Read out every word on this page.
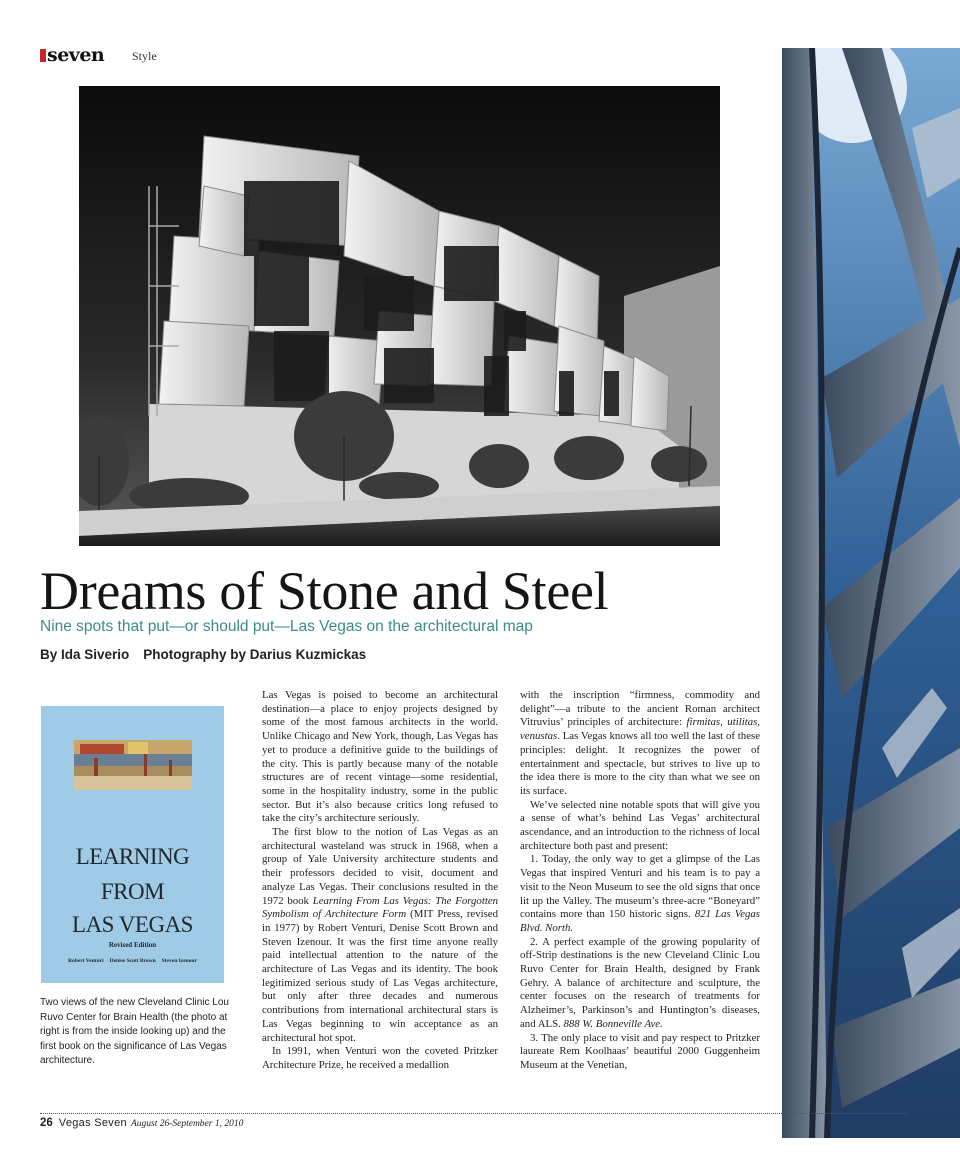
seven Style
Dreams of Stone and Steel

Nine spots that put—or should put—Las Vegas on the architectural map

By Ida Siverio Photography by Darius Kuzmickas
LEARNING
FROM
LAS VEGAS
Revised Edition
Robert Venturi Denise Scott Brown Steven Izenour

Two views of the new Cleveland Clinic Lou Ruvo Center for Brain Health (the photo at right is from the inside looking up) and the first book on the significance of Las Vegas architecture.

Las Vegas is poised to become an architectural destination—a place to enjoy projects designed by some of the most famous architects in the world. Unlike Chicago and New York, though, Las Vegas has yet to produce a definitive guide to the buildings of the city. This is partly because many of the notable structures are of recent vintage—some residential, some in the hospitality industry, some in the public sector. But it’s also because critics long refused to take the city’s architecture seriously.

The first blow to the notion of Las Vegas as an architectural wasteland was struck in 1968, when a group of Yale University architecture students and their professors decided to visit, document and analyze Las Vegas. Their conclusions resulted in the 1972 book Learning From Las Vegas: The Forgotten Symbolism of Architecture Form (MIT Press, revised in 1977) by Robert Venturi, Denise Scott Brown and Steven Izenour. It was the first time anyone really paid intellectual attention to the nature of the architecture of Las Vegas and its identity. The book legitimized serious study of Las Vegas architecture, but only after three decades and numerous contributions from international architectural stars is Las Vegas beginning to win acceptance as an architectural hot spot.

In 1991, when Venturi won the coveted Pritzker Architecture Prize, he received a medallion

with the inscription “firmness, commodity and delight”—a tribute to the ancient Roman architect Vitruvius’ principles of architecture: firmitas, utilitas, venustas. Las Vegas knows all too well the last of these principles: delight. It recognizes the power of entertainment and spectacle, but strives to live up to the idea there is more to the city than what we see on its surface.

We’ve selected nine notable spots that will give you a sense of what’s behind Las Vegas’ architectural ascendance, and an introduction to the richness of local architecture both past and present:

1. Today, the only way to get a glimpse of the Las Vegas that inspired Venturi and his team is to pay a visit to the Neon Museum to see the old signs that once lit up the Valley. The museum’s three-acre “Boneyard” contains more than 150 historic signs. 821 Las Vegas Blvd. North.

2. A perfect example of the growing popularity of off-Strip destinations is the new Cleveland Clinic Lou Ruvo Center for Brain Health, designed by Frank Gehry. A balance of architecture and sculpture, the center focuses on the research of treatments for Alzheimer’s, Parkinson’s and Huntington’s diseases, and ALS. 888 W. Bonneville Ave.

3. The only place to visit and pay respect to Pritzker laureate Rem Koolhaas’ beautiful 2000 Guggenheim Museum at the Venetian,

26 Vegas Seven August 26-September 1, 2010
